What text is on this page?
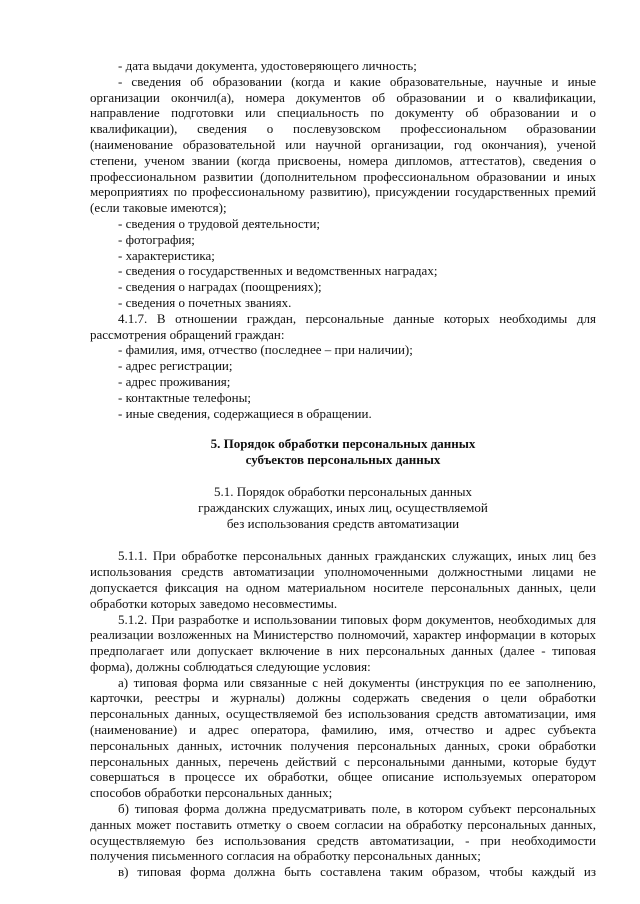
- дата выдачи документа, удостоверяющего личность;

- сведения об образовании (когда и какие образовательные, научные и иные организации окончил(а), номера документов об образовании и о квалификации, направление подготовки или специальность по документу об образовании и о квалификации), сведения о послевузовском профессиональном образовании (наименование образовательной или научной организации, год окончания), ученой степени, ученом звании (когда присвоены, номера дипломов, аттестатов), сведения о профессиональном развитии (дополнительном профессиональном образовании и иных мероприятиях по профессиональному развитию), присуждении государственных премий (если таковые имеются);

- сведения о трудовой деятельности;

- фотография;

- характеристика;

- сведения о государственных и ведомственных наградах;

- сведения о наградах (поощрениях);

- сведения о почетных званиях.

4.1.7. В отношении граждан, персональные данные которых необходимы для рассмотрения обращений граждан:

- фамилия, имя, отчество (последнее – при наличии);

- адрес регистрации;

- адрес проживания;

- контактные телефоны;

- иные сведения, содержащиеся в обращении.

5. Порядок обработки персональных данных
субъектов персональных данных
5.1. Порядок обработки персональных данных
гражданских служащих, иных лиц, осуществляемой
без использования средств автоматизации

5.1.1. При обработке персональных данных гражданских служащих, иных лиц без использования средств автоматизации уполномоченными должностными лицами не допускается фиксация на одном материальном носителе персональных данных, цели обработки которых заведомо несовместимы.

5.1.2. При разработке и использовании типовых форм документов, необходимых для реализации возложенных на Министерство полномочий, характер информации в которых предполагает или допускает включение в них персональных данных (далее - типовая форма), должны соблюдаться следующие условия:

а) типовая форма или связанные с ней документы (инструкция по ее заполнению, карточки, реестры и журналы) должны содержать сведения о цели обработки персональных данных, осуществляемой без использования средств автоматизации, имя (наименование) и адрес оператора, фамилию, имя, отчество и адрес субъекта персональных данных, источник получения персональных данных, сроки обработки персональных данных, перечень действий с персональными данными, которые будут совершаться в процессе их обработки, общее описание используемых оператором способов обработки персональных данных;

б) типовая форма должна предусматривать поле, в котором субъект персональных данных может поставить отметку о своем согласии на обработку персональных данных, осуществляемую без использования средств автоматизации, - при необходимости получения письменного согласия на обработку персональных данных;

в) типовая форма должна быть составлена таким образом, чтобы каждый из
